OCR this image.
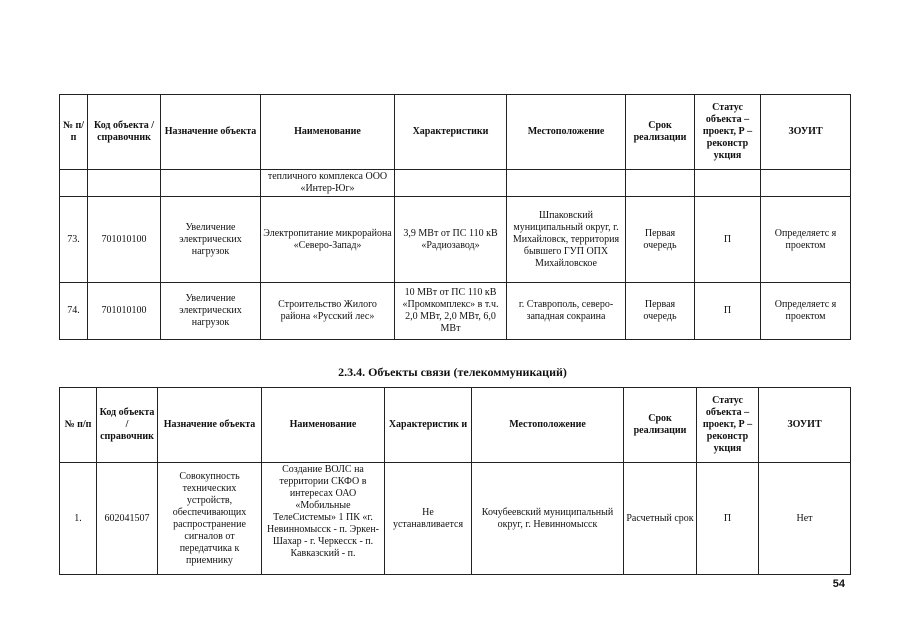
№ п/п	Код объекта / справочник	Назначение объекта	Наименование	Характеристики	Местоположение	Срок реализации	Статус объекта – проект, Р – реконстр укция	ЗОУИТ
			тепличного комплекса ООО «Интер-Юг»					
73.	701010100	Увеличение электрических нагрузок	Электропитание микрорайона «Северо-Запад»	3,9 МВт от ПС 110 кВ «Радиозавод»	Шпаковский муниципальный округ, г. Михайловск, территория бывшего ГУП ОПХ Михайловское	Первая очередь	П	Определяетс я проектом
74.	701010100	Увеличение электрических нагрузок	Строительство Жилого района «Русский лес»	10 МВт от ПС 110 кВ «Промкомплекс» в т.ч. 2,0 МВт, 2,0 МВт, 6,0 МВт	г. Ставрополь, северо-западная сокраина	Первая очередь	П	Определяетс я проектом
2.3.4. Объекты связи (телекоммуникаций)
№ п/п	Код объекта / справочник	Назначение объекта	Наименование	Характеристик и	Местоположение	Срок реализации	Статус объекта – проект, Р – реконстр укция	ЗОУИТ
1.	602041507	Совокупность технических устройств, обеспечивающих распространение сигналов от передатчика к приемнику	Создание ВОЛС на территории СКФО в интересах ОАО «Мобильные ТелеСистемы» 1 ПК «г. Невинномысск - п. Эркен-Шахар - г. Черкесск - п. Кавказский - п.	Не устанавливается	Кочубеевский муниципальный округ, г. Невинномысск	Расчетный срок	П	Нет
54
